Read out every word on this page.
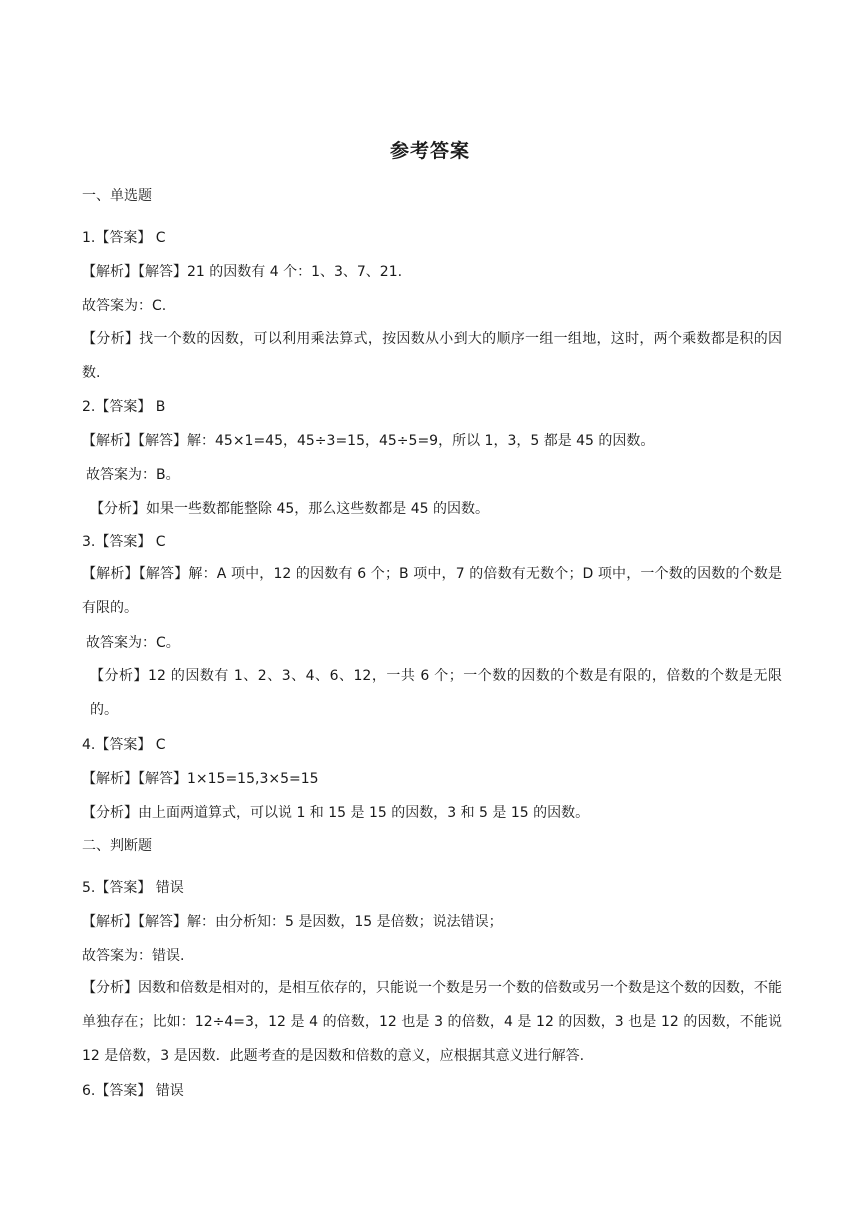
参考答案
一、单选题
1.【答案】 C
【解析】【解答】21 的因数有 4 个：1、3、7、21.
故答案为：C.
【分析】找一个数的因数，可以利用乘法算式，按因数从小到大的顺序一组一组地，这时，两个乘数都是积的因数.
2.【答案】 B
【解析】【解答】解：45×1=45，45÷3=15，45÷5=9，所以 1，3，5 都是 45 的因数。
故答案为：B。
【分析】如果一些数都能整除 45，那么这些数都是 45 的因数。
3.【答案】 C
【解析】【解答】解：A 项中，12 的因数有 6 个；B 项中，7 的倍数有无数个；D 项中，一个数的因数的个数是有限的。
故答案为：C。
【分析】12 的因数有 1、2、3、4、6、12，一共 6 个；一个数的因数的个数是有限的，倍数的个数是无限的。
4.【答案】 C
【解析】【解答】1×15=15,3×5=15
【分析】由上面两道算式，可以说 1 和 15 是 15 的因数，3 和 5 是 15 的因数。
二、判断题
5.【答案】 错误
【解析】【解答】解：由分析知：5 是因数，15 是倍数；说法错误；
故答案为：错误.
【分析】因数和倍数是相对的，是相互依存的，只能说一个数是另一个数的倍数或另一个数是这个数的因数，不能单独存在；比如：12÷4=3，12 是 4 的倍数，12 也是 3 的倍数，4 是 12 的因数，3 也是 12 的因数，不能说 12 是倍数，3 是因数．此题考查的是因数和倍数的意义，应根据其意义进行解答.
6.【答案】 错误
